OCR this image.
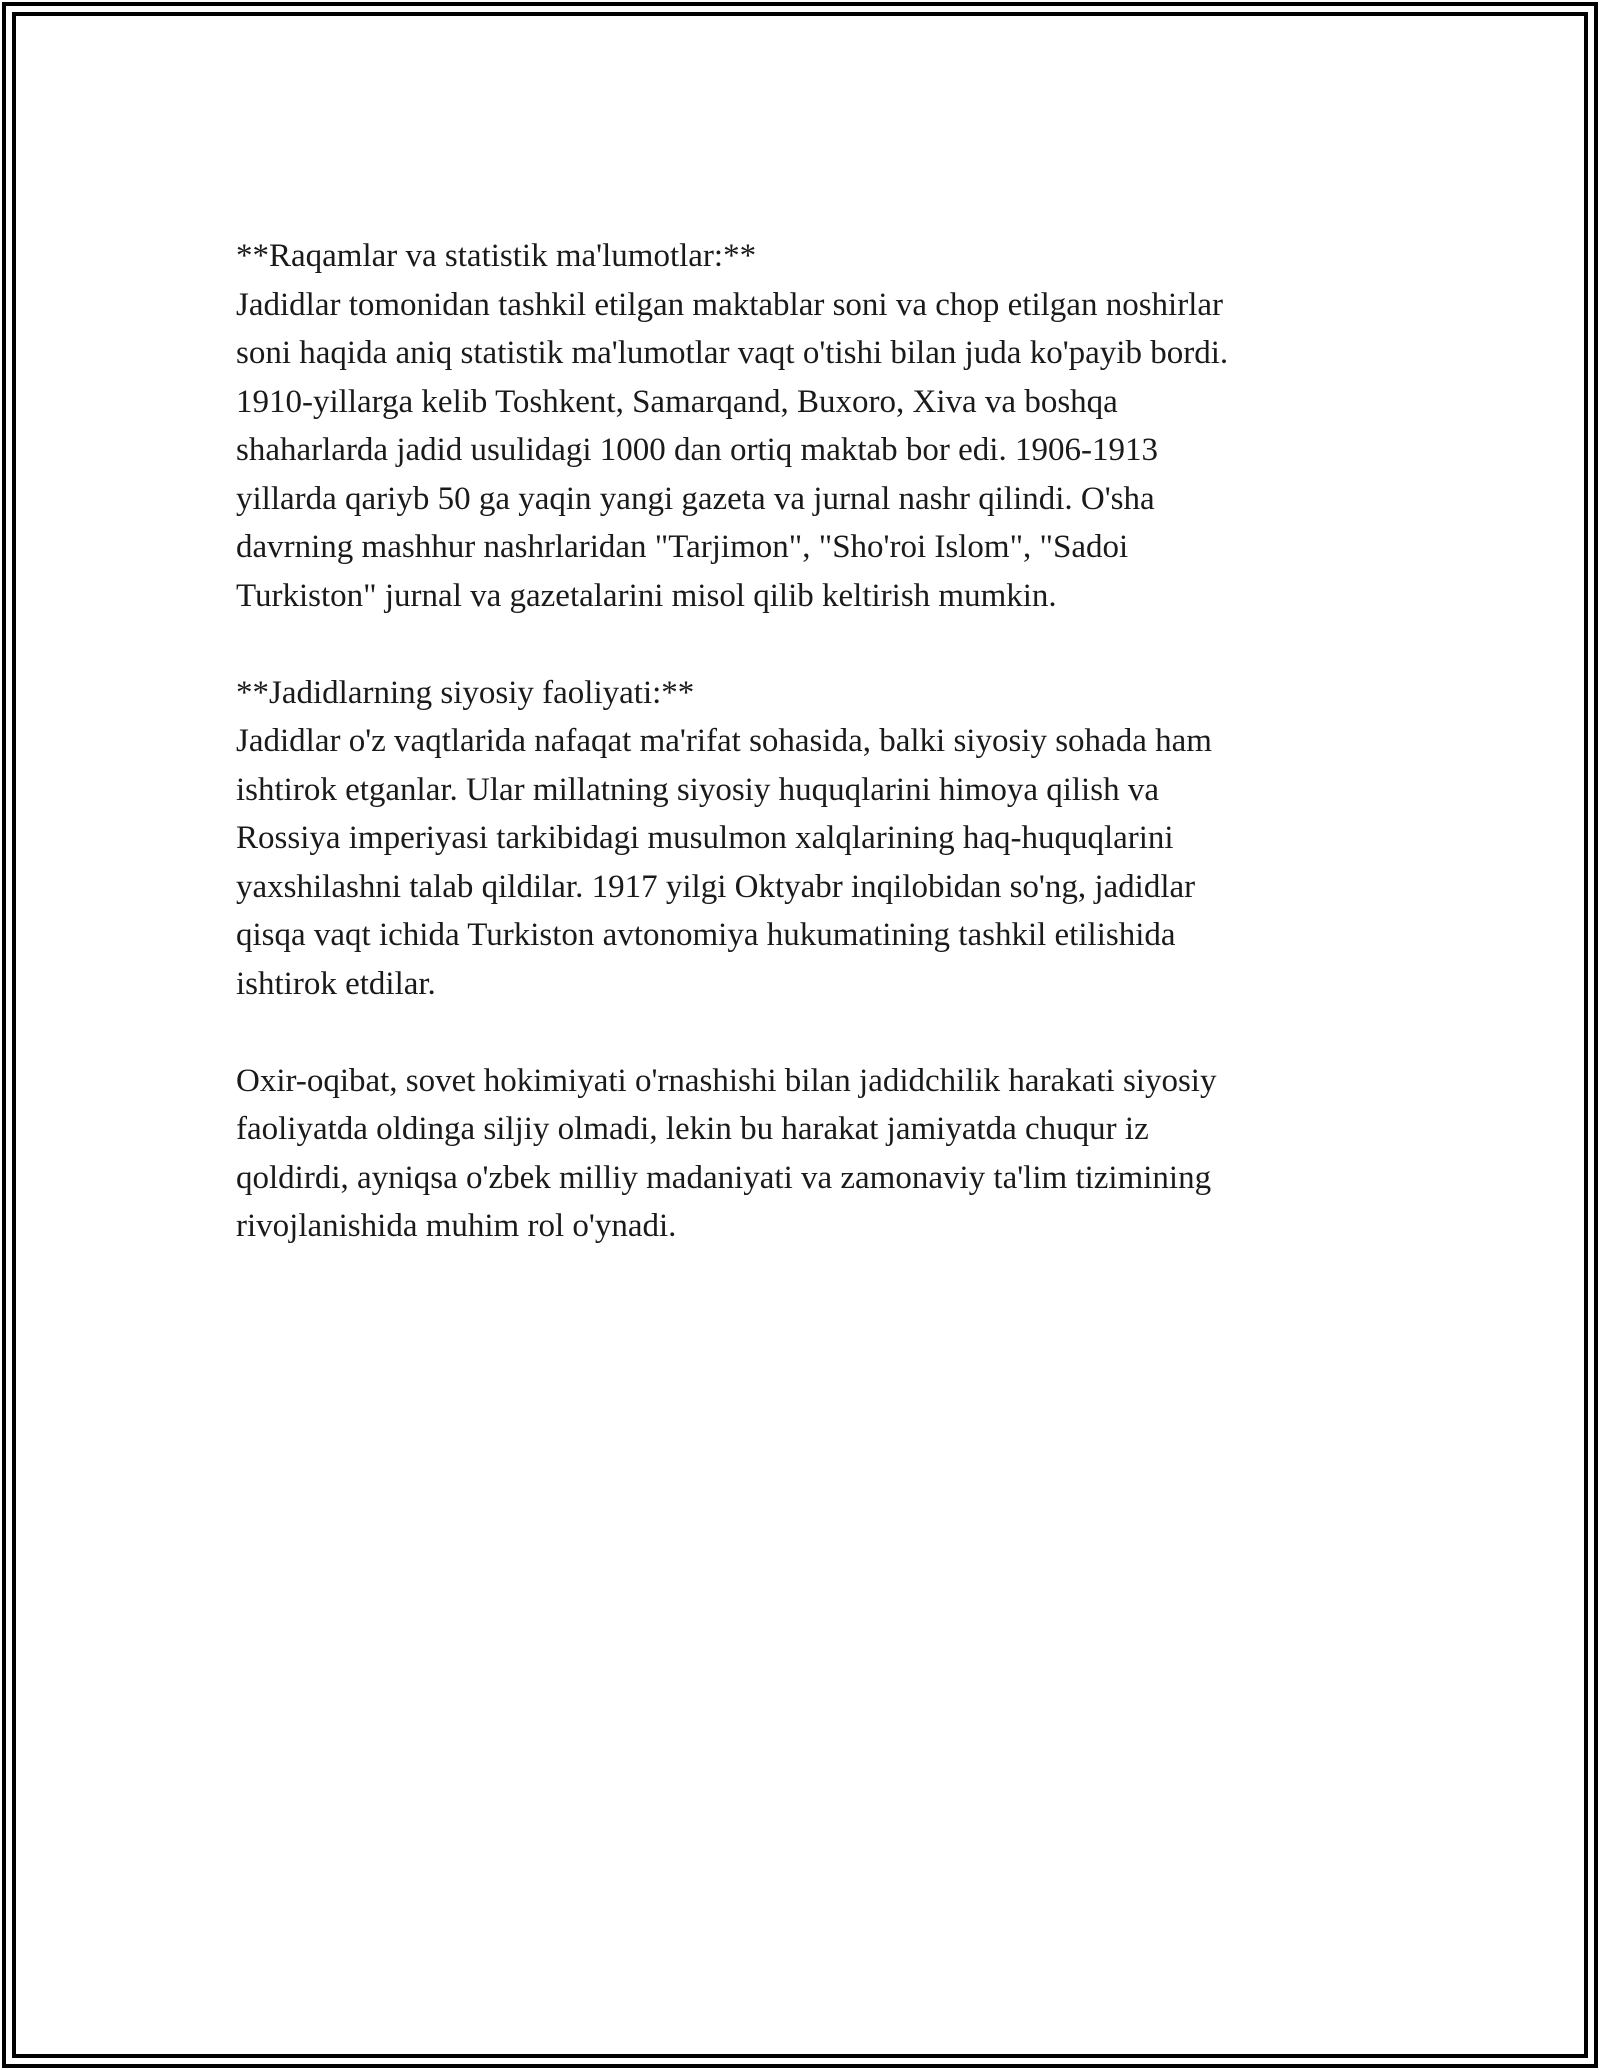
**Raqamlar va statistik ma'lumotlar:**
Jadidlar tomonidan tashkil etilgan maktablar soni va chop etilgan noshirlar
soni haqida aniq statistik ma'lumotlar vaqt o'tishi bilan juda ko'payib bordi.
1910-yillarga kelib Toshkent, Samarqand, Buxoro, Xiva va boshqa
shaharlarda jadid usulidagi 1000 dan ortiq maktab bor edi. 1906-1913
yillarda qariyb 50 ga yaqin yangi gazeta va jurnal nashr qilindi. O'sha
davrning mashhur nashrlaridan "Tarjimon", "Sho'roi Islom", "Sadoi
Turkiston" jurnal va gazetalarini misol qilib keltirish mumkin.
**Jadidlarning siyosiy faoliyati:**
Jadidlar o'z vaqtlarida nafaqat ma'rifat sohasida, balki siyosiy sohada ham
ishtirok etganlar. Ular millatning siyosiy huquqlarini himoya qilish va
Rossiya imperiyasi tarkibidagi musulmon xalqlarining haq-huquqlarini
yaxshilashni talab qildilar. 1917 yilgi Oktyabr inqilobidan so'ng, jadidlar
qisqa vaqt ichida Turkiston avtonomiya hukumatining tashkil etilishida
ishtirok etdilar.
Oxir-oqibat, sovet hokimiyati o'rnashishi bilan jadidchilik harakati siyosiy
faoliyatda oldinga siljiy olmadi, lekin bu harakat jamiyatda chuqur iz
qoldirdi, ayniqsa o'zbek milliy madaniyati va zamonaviy ta'lim tizimining
rivojlanishida muhim rol o'ynadi.
